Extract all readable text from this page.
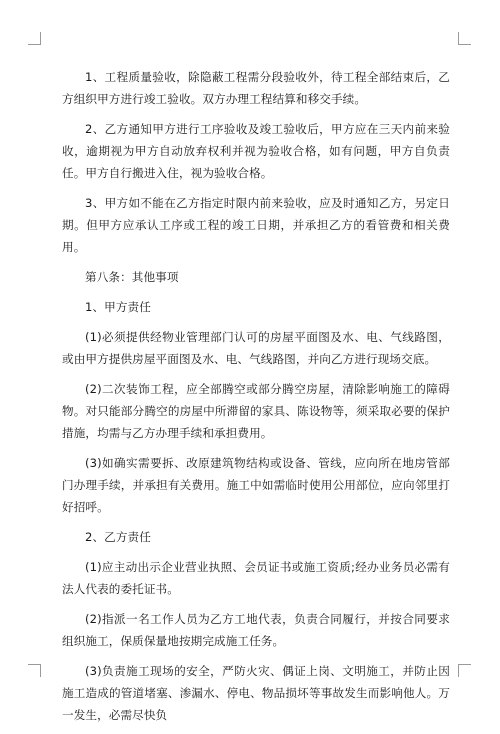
1、工程质量验收，除隐蔽工程需分段验收外，待工程全部结束后，乙方组织甲方进行竣工验收。双方办理工程结算和移交手续。

2、乙方通知甲方进行工序验收及竣工验收后，甲方应在三天内前来验收，逾期视为甲方自动放弃权利并视为验收合格，如有问题，甲方自负责任。甲方自行搬进入住，视为验收合格。

3、甲方如不能在乙方指定时限内前来验收，应及时通知乙方，另定日期。但甲方应承认工序或工程的竣工日期，并承担乙方的看管费和相关费用。

第八条：其他事项

1、甲方责任

(1)必须提供经物业管理部门认可的房屋平面图及水、电、气线路图，或由甲方提供房屋平面图及水、电、气线路图，并向乙方进行现场交底。

(2)二次装饰工程，应全部腾空或部分腾空房屋，清除影响施工的障碍物。对只能部分腾空的房屋中所滞留的家具、陈设物等，须采取必要的保护措施，均需与乙方办理手续和承担费用。

(3)如确实需要拆、改原建筑物结构或设备、管线，应向所在地房管部门办理手续，并承担有关费用。施工中如需临时使用公用部位，应向邻里打好招呼。

2、乙方责任

(1)应主动出示企业营业执照、会员证书或施工资质;经办业务员必需有法人代表的委托证书。

(2)指派一名工作人员为乙方工地代表，负责合同履行，并按合同要求组织施工，保质保量地按期完成施工任务。

(3)负责施工现场的安全，严防火灾、偶证上岗、文明施工，并防止因施工造成的管道堵塞、渗漏水、停电、物品损坏等事故发生而影响他人。万一发生，必需尽快负
